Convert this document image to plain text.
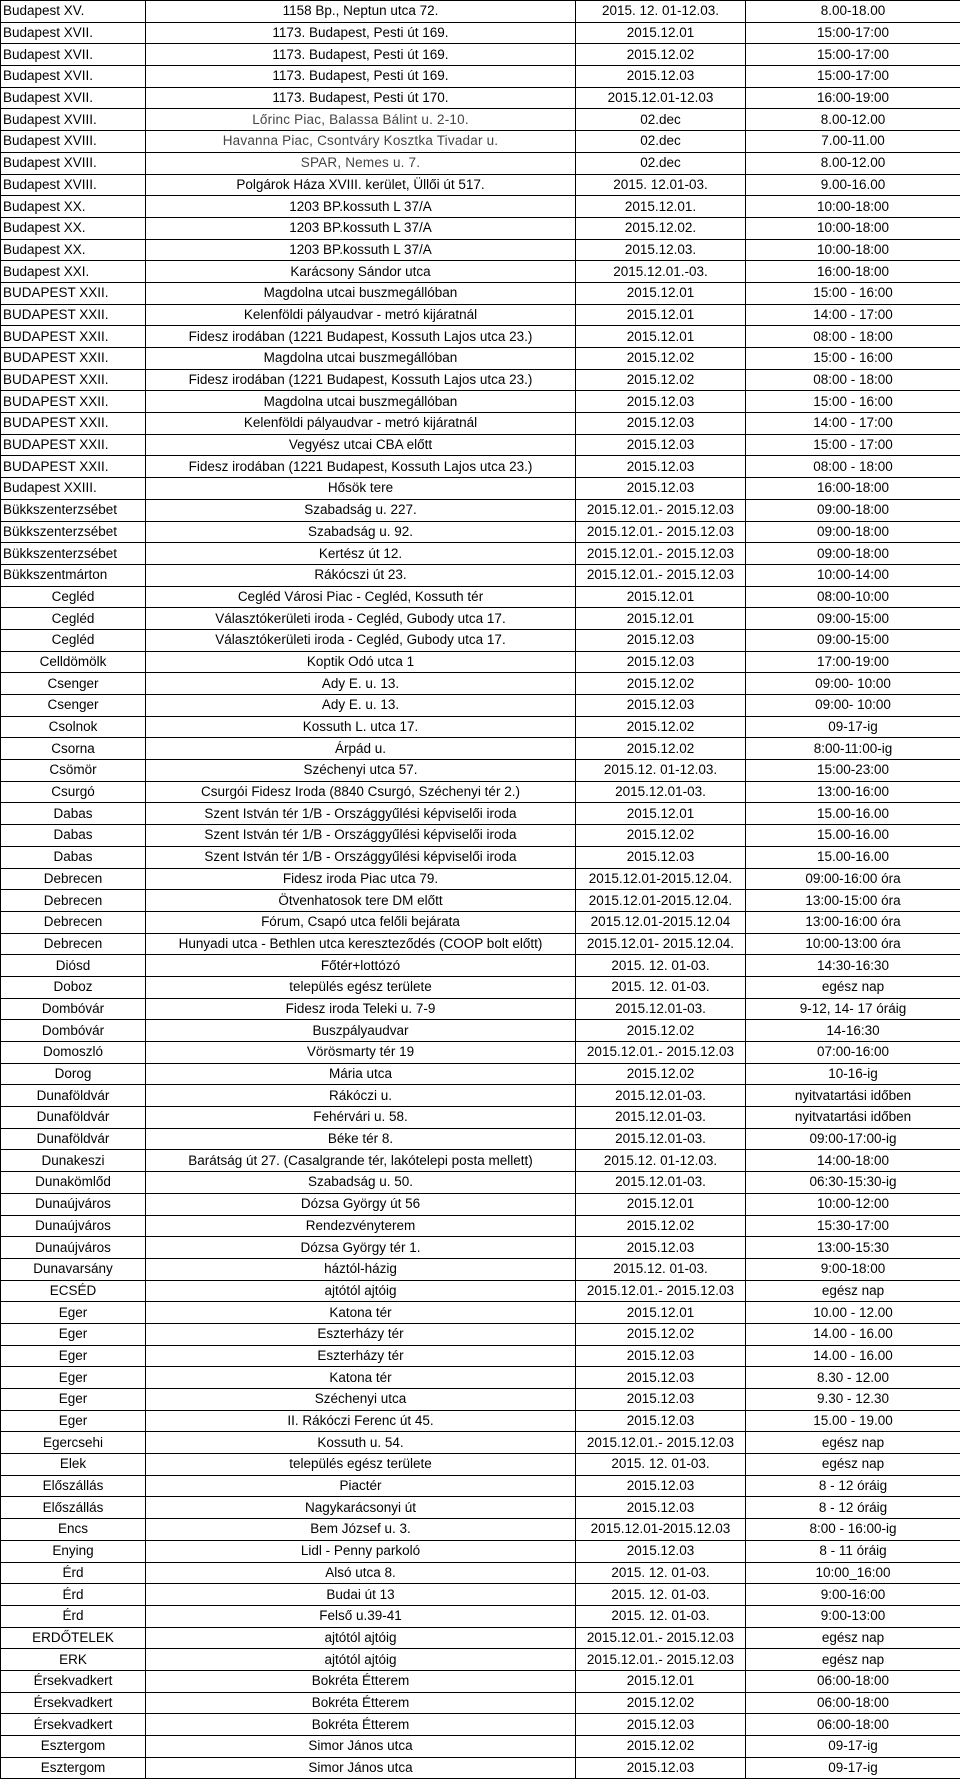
Budapest XV.	1158 Bp., Neptun utca 72.	2015. 12. 01-12.03.	8.00-18.00
Budapest XVII.	1173. Budapest, Pesti út 169.	2015.12.01	15:00-17:00
Budapest XVII.	1173. Budapest, Pesti út 169.	2015.12.02	15:00-17:00
Budapest XVII.	1173. Budapest, Pesti út 169.	2015.12.03	15:00-17:00
Budapest XVII.	1173. Budapest, Pesti út 170.	2015.12.01-12.03	16:00-19:00
Budapest XVIII.	Lőrinc Piac, Balassa Bálint u. 2-10.	02.dec	8.00-12.00
Budapest XVIII.	Havanna Piac, Csontváry Kosztka Tivadar u.	02.dec	7.00-11.00
Budapest XVIII.	SPAR, Nemes u. 7.	02.dec	8.00-12.00
Budapest XVIII.	Polgárok Háza XVIII. kerület, Üllői út 517.	2015. 12.01-03.	9.00-16.00
Budapest XX.	1203 BP.kossuth L 37/A	2015.12.01.	10:00-18:00
Budapest XX.	1203 BP.kossuth L 37/A	2015.12.02.	10:00-18:00
Budapest XX.	1203 BP.kossuth L 37/A	2015.12.03.	10:00-18:00
Budapest XXI.	Karácsony Sándor utca	2015.12.01.-03.	16:00-18:00
BUDAPEST XXII.	Magdolna utcai buszmegállóban	2015.12.01	15:00 - 16:00
BUDAPEST XXII.	Kelenföldi pályaudvar - metró kijáratnál	2015.12.01	14:00 - 17:00
BUDAPEST XXII.	Fidesz irodában (1221 Budapest, Kossuth Lajos utca 23.)	2015.12.01	08:00 - 18:00
BUDAPEST XXII.	Magdolna utcai buszmegállóban	2015.12.02	15:00 - 16:00
BUDAPEST XXII.	Fidesz irodában (1221 Budapest, Kossuth Lajos utca 23.)	2015.12.02	08:00 - 18:00
BUDAPEST XXII.	Magdolna utcai buszmegállóban	2015.12.03	15:00 - 16:00
BUDAPEST XXII.	Kelenföldi pályaudvar - metró kijáratnál	2015.12.03	14:00 - 17:00
BUDAPEST XXII.	Vegyész utcai CBA előtt	2015.12.03	15:00 - 17:00
BUDAPEST XXII.	Fidesz irodában (1221 Budapest, Kossuth Lajos utca 23.)	2015.12.03	08:00 - 18:00
Budapest XXIII.	Hősök tere	2015.12.03	16:00-18:00
Bükkszenterzsébet	Szabadság u. 227.	2015.12.01.- 2015.12.03	09:00-18:00
Bükkszenterzsébet	Szabadság u. 92.	2015.12.01.- 2015.12.03	09:00-18:00
Bükkszenterzsébet	Kertész út 12.	2015.12.01.- 2015.12.03	09:00-18:00
Bükkszentmárton	Rákócszi út 23.	2015.12.01.- 2015.12.03	10:00-14:00
Cegléd	Cegléd Városi Piac - Cegléd, Kossuth tér	2015.12.01	08:00-10:00
Cegléd	Választókerületi iroda - Cegléd, Gubody utca 17.	2015.12.01	09:00-15:00
Cegléd	Választókerületi iroda - Cegléd, Gubody utca 17.	2015.12.03	09:00-15:00
Celldömölk	Koptik Odó utca 1	2015.12.03	17:00-19:00
Csenger	Ady E. u. 13.	2015.12.02	09:00- 10:00
Csenger	Ady E. u. 13.	2015.12.03	09:00- 10:00
Csolnok	Kossuth L. utca 17.	2015.12.02	09-17-ig
Csorna	Árpád u.	2015.12.02	8:00-11:00-ig
Csömör	Széchenyi utca 57.	2015.12. 01-12.03.	15:00-23:00
Csurgó	Csurgói Fidesz Iroda (8840 Csurgó, Széchenyi tér 2.)	2015.12.01-03.	13:00-16:00
Dabas	Szent István tér 1/B - Országgyűlési képviselői iroda	2015.12.01	15.00-16.00
Dabas	Szent István tér 1/B - Országgyűlési képviselői iroda	2015.12.02	15.00-16.00
Dabas	Szent István tér 1/B - Országgyűlési képviselői iroda	2015.12.03	15.00-16.00
Debrecen	Fidesz iroda Piac utca 79.	2015.12.01-2015.12.04.	09:00-16:00 óra
Debrecen	Ötvenhatosok tere DM előtt	2015.12.01-2015.12.04.	13:00-15:00 óra
Debrecen	Fórum, Csapó utca felőli bejárata	2015.12.01-2015.12.04	13:00-16:00 óra
Debrecen	Hunyadi utca - Bethlen utca kereszteződés (COOP bolt előtt)	2015.12.01- 2015.12.04.	10:00-13:00 óra
Diósd	Főtér+lottózó	2015. 12. 01-03.	14:30-16:30
Doboz	település egész területe	2015. 12. 01-03.	egész nap
Dombóvár	Fidesz iroda Teleki u. 7-9	2015.12.01-03.	9-12, 14- 17 óráig
Dombóvár	Buszpályaudvar	2015.12.02	14-16:30
Domoszló	Vörösmarty tér 19	2015.12.01.- 2015.12.03	07:00-16:00
Dorog	Mária utca	2015.12.02	10-16-ig
Dunaföldvár	Rákóczi u.	2015.12.01-03.	nyitvatartási időben
Dunaföldvár	Fehérvári u. 58.	2015.12.01-03.	nyitvatartási időben
Dunaföldvár	Béke tér 8.	2015.12.01-03.	09:00-17:00-ig
Dunakeszi	Barátság út 27. (Casalgrande tér, lakótelepi posta mellett)	2015.12. 01-12.03.	14:00-18:00
Dunakömlőd	Szabadság u. 50.	2015.12.01-03.	06:30-15:30-ig
Dunaújváros	Dózsa György út 56	2015.12.01	10:00-12:00
Dunaújváros	Rendezvényterem	2015.12.02	15:30-17:00
Dunaújváros	Dózsa György tér 1.	2015.12.03	13:00-15:30
Dunavarsány	háztól-házig	2015.12. 01-03.	9:00-18:00
ECSÉD	ajtótól ajtóig	2015.12.01.- 2015.12.03	egész nap
Eger	Katona tér	2015.12.01	10.00 - 12.00
Eger	Eszterházy tér	2015.12.02	14.00 - 16.00
Eger	Eszterházy tér	2015.12.03	14.00 - 16.00
Eger	Katona tér	2015.12.03	8.30 - 12.00
Eger	Széchenyi utca	2015.12.03	9.30 - 12.30
Eger	II. Rákóczi Ferenc út 45.	2015.12.03	15.00 - 19.00
Egercsehi	Kossuth u. 54.	2015.12.01.- 2015.12.03	egész nap
Elek	település egész területe	2015. 12. 01-03.	egész nap
Előszállás	Piactér	2015.12.03	8 - 12 óráig
Előszállás	Nagykarácsonyi út	2015.12.03	8 - 12 óráig
Encs	Bem József u. 3.	2015.12.01-2015.12.03	8:00 - 16:00-ig
Enying	Lidl - Penny parkoló	2015.12.03	8 - 11 óráig
Érd	Alsó utca 8.	2015. 12. 01-03.	10:00_16:00
Érd	Budai út 13	2015. 12. 01-03.	9:00-16:00
Érd	Felső u.39-41	2015. 12. 01-03.	9:00-13:00
ERDŐTELEK	ajtótól ajtóig	2015.12.01.- 2015.12.03	egész nap
ERK	ajtótól ajtóig	2015.12.01.- 2015.12.03	egész nap
Érsekvadkert	Bokréta Étterem	2015.12.01	06:00-18:00
Érsekvadkert	Bokréta Étterem	2015.12.02	06:00-18:00
Érsekvadkert	Bokréta Étterem	2015.12.03	06:00-18:00
Esztergom	Simor János utca	2015.12.02	09-17-ig
Esztergom	Simor János utca	2015.12.03	09-17-ig
